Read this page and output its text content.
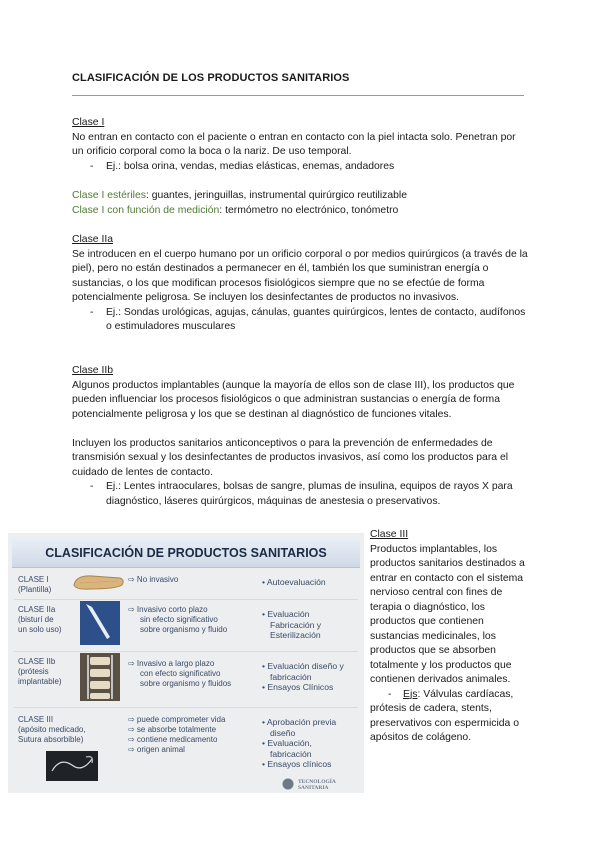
CLASIFICACIÓN DE LOS PRODUCTOS SANITARIOS
Clase I
No entran en contacto con el paciente o entran en contacto con la piel intacta solo. Penetran por un orificio corporal como la boca o la nariz. De uso temporal.
- Ej.: bolsa orina, vendas, medias elásticas, enemas, andadores
Clase I estériles: guantes, jeringuillas, instrumental quirúrgico reutilizable
Clase I con función de medición: termómetro no electrónico, tonómetro
Clase IIa
Se introducen en el cuerpo humano por un orificio corporal o por medios quirúrgicos (a través de la piel), pero no están destinados a permanecer en él, también los que suministran energía o sustancias, o los que modifican procesos fisiológicos siempre que no se efectúe de forma potencialmente peligrosa. Se incluyen los desinfectantes de productos no invasivos.
- Ej.: Sondas urológicas, agujas, cánulas, guantes quirúrgicos, lentes de contacto, audífonos o estimuladores musculares
Clase IIb
Algunos productos implantables (aunque la mayoría de ellos son de clase III), los productos que pueden influenciar los procesos fisiológicos o que administran sustancias o energía de forma potencialmente peligrosa y los que se destinan al diagnóstico de funciones vitales.
Incluyen los productos sanitarios anticonceptivos o para la prevención de enfermedades de transmisión sexual y los desinfectantes de productos invasivos, así como los productos para el cuidado de lentes de contacto.
- Ej.: Lentes intraoculares, bolsas de sangre, plumas de insulina, equipos de rayos X para diagnóstico, láseres quirúrgicos, máquinas de anestesia o preservativos.
CLASIFICACIÓN DE PRODUCTOS SANITARIOS
CLASE I
(Plantilla)
⇨ No invasivo	• Autoevaluación
CLASE IIa
(bisturí de
un solo uso)
⇨ Invasivo corto plazo
sin efecto significativo
sobre organismo y fluido
• Evaluación
Fabricación y
Esterilización
CLASE IIb
(prótesis
implantable)
⇨ Invasivo a largo plazo
con efecto significativo
sobre organismo y fluidos
• Evaluación diseño y
fabricación
• Ensayos Clínicos
CLASE III
(apósito medicado,
Sutura absorbible)
⇨ puede comprometer vida
⇨ se absorbe totalmente
⇨ contiene medicamento
⇨ origen animal
• Aprobación previa
diseño
• Evaluación,
fabricación
• Ensayos clínicos
TECNOLOGÍA SANITARIA
Clase III
Productos implantables, los productos sanitarios destinados a entrar en contacto con el sistema nervioso central con fines de terapia o diagnóstico, los productos que contienen sustancias medicinales, los productos que se absorben totalmente y los productos que contienen derivados animales.
-    Ejs: Válvulas cardíacas, prótesis de cadera, stents, preservativos con espermicida o apósitos de colágeno.
